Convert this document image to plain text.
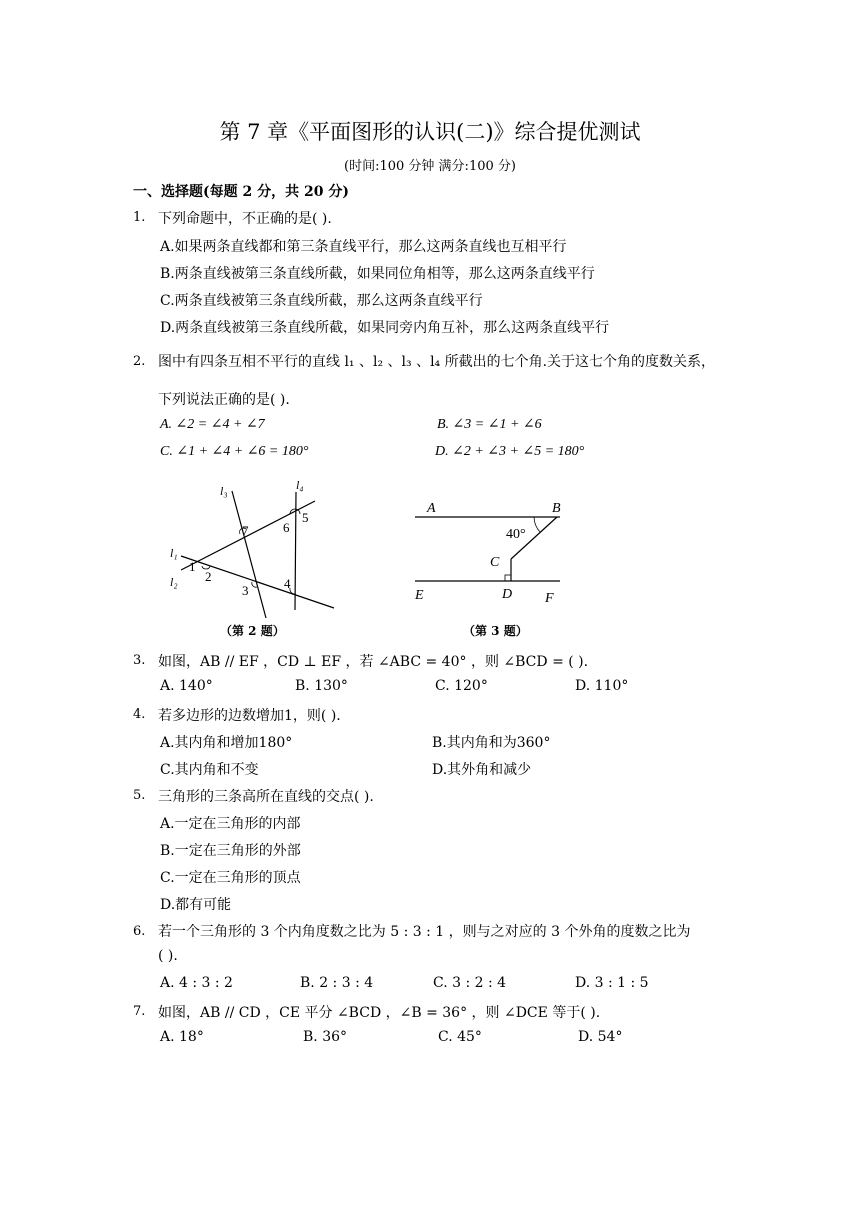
第 7 章《平面图形的认识(二)》综合提优测试
(时间:100 分钟 满分:100 分)
一、选择题(每题 2 分，共 20 分)
1. 下列命题中，不正确的是( ).
A.如果两条直线都和第三条直线平行，那么这两条直线也互相平行
B.两条直线被第三条直线所截，如果同位角相等，那么这两条直线平行
C.两条直线被第三条直线所截，那么这两条直线平行
D.两条直线被第三条直线所截，如果同旁内角互补，那么这两条直线平行
2. 图中有四条互相不平行的直线 l₁ 、l₂ 、l₃ 、l₄ 所截出的七个角.关于这七个角的度数关系，
下列说法正确的是( ).
A. ∠2 = ∠4 + ∠7	B. ∠3 = ∠1 + ∠6
C. ∠1 + ∠4 + ∠6 = 180°	D. ∠2 + ∠3 + ∠5 = 180°
l₃	l₄
l₁
l₂
1
2
3	4
5
6
7
（第 2 题）
A	B
40°
C
D
E	F
（第 3 题）
3. 如图，AB // EF ，CD ⊥ EF ，若 ∠ABC = 40° ，则 ∠BCD = ( ).
A. 140°	B. 130°	C. 120°	D. 110°
4. 若多边形的边数增加1，则( ).
A.其内角和增加180°	B.其内角和为360°
C.其内角和不变	D.其外角和减少
5. 三角形的三条高所在直线的交点( ).
A.一定在三角形的内部
B.一定在三角形的外部
C.一定在三角形的顶点
D.都有可能
6. 若一个三角形的 3 个内角度数之比为 5 : 3 : 1 ，则与之对应的 3 个外角的度数之比为
( ).
A. 4 : 3 : 2	B. 2 : 3 : 4	C. 3 : 2 : 4	D. 3 : 1 : 5
7. 如图，AB // CD ，CE 平分 ∠BCD ，∠B = 36° ，则 ∠DCE 等于( ).
A. 18°	B. 36°	C. 45°	D. 54°
